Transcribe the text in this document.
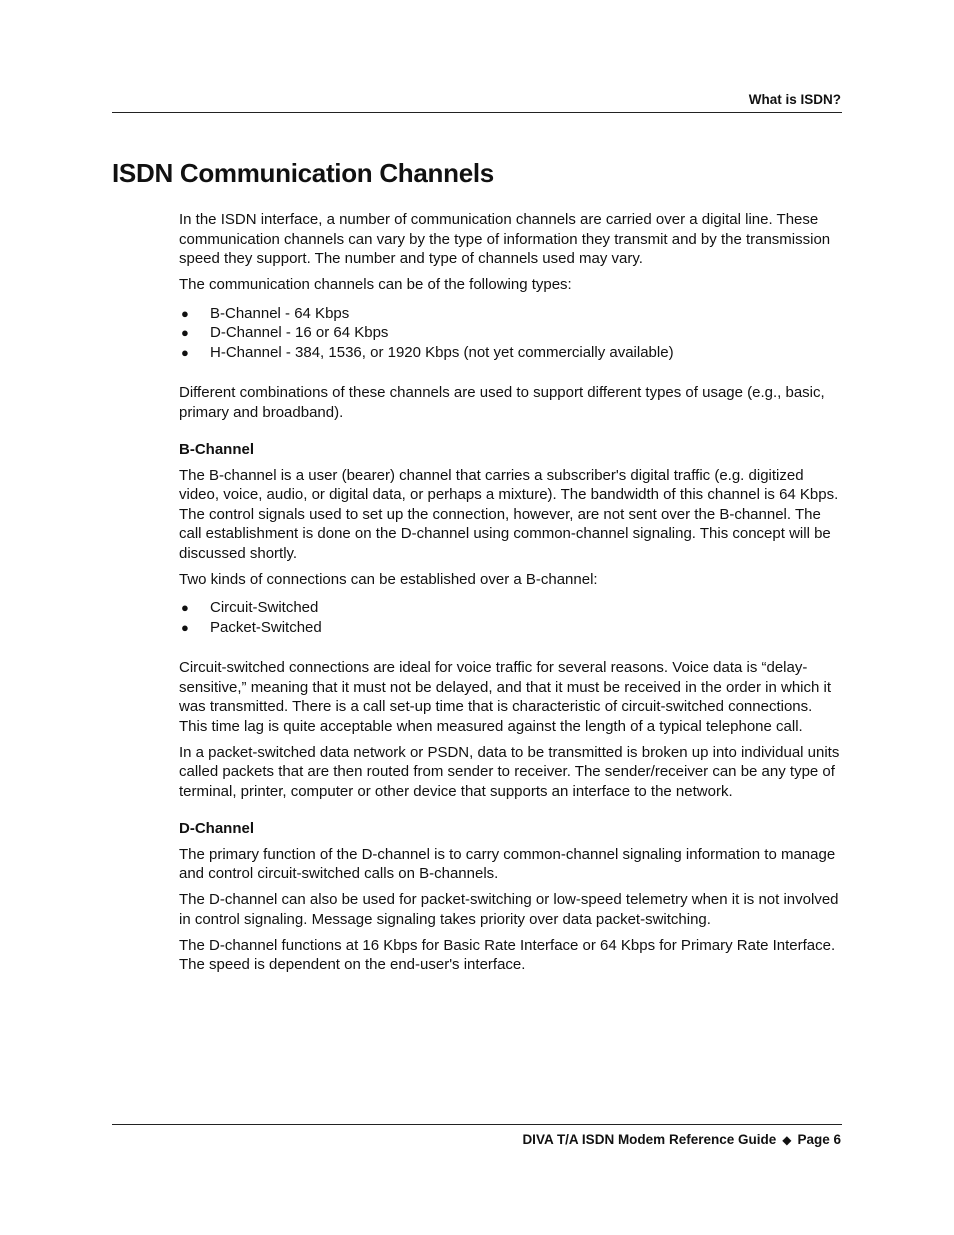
What is ISDN?
ISDN Communication Channels

In the ISDN interface, a number of communication channels are carried over a digital line. These communication channels can vary by the type of information they transmit and by the transmission speed they support. The number and type of channels used may vary.

The communication channels can be of the following types:

● B-Channel - 64 Kbps
● D-Channel - 16 or 64 Kbps
● H-Channel - 384, 1536, or 1920 Kbps (not yet commercially available)

Different combinations of these channels are used to support different types of usage (e.g., basic, primary and broadband).

B-Channel

The B-channel is a user (bearer) channel that carries a subscriber's digital traffic (e.g. digitized video, voice, audio, or digital data, or perhaps a mixture). The bandwidth of this channel is 64 Kbps. The control signals used to set up the connection, however, are not sent over the B-channel. The call establishment is done on the D-channel using common-channel signaling. This concept will be discussed shortly.

Two kinds of connections can be established over a B-channel:

● Circuit-Switched
● Packet-Switched

Circuit-switched connections are ideal for voice traffic for several reasons. Voice data is “delay-sensitive,” meaning that it must not be delayed, and that it must be received in the order in which it was transmitted. There is a call set-up time that is characteristic of circuit-switched connections. This time lag is quite acceptable when measured against the length of a typical telephone call.

In a packet-switched data network or PSDN, data to be transmitted is broken up into individual units called packets that are then routed from sender to receiver. The sender/receiver can be any type of terminal, printer, computer or other device that supports an interface to the network.

D-Channel

The primary function of the D-channel is to carry common-channel signaling information to manage and control circuit-switched calls on B-channels.

The D-channel can also be used for packet-switching or low-speed telemetry when it is not involved in control signaling. Message signaling takes priority over data packet-switching.

The D-channel functions at 16 Kbps for Basic Rate Interface or 64 Kbps for Primary Rate Interface. The speed is dependent on the end-user's interface.

DIVA T/A ISDN Modem Reference Guide ◆ Page 6
